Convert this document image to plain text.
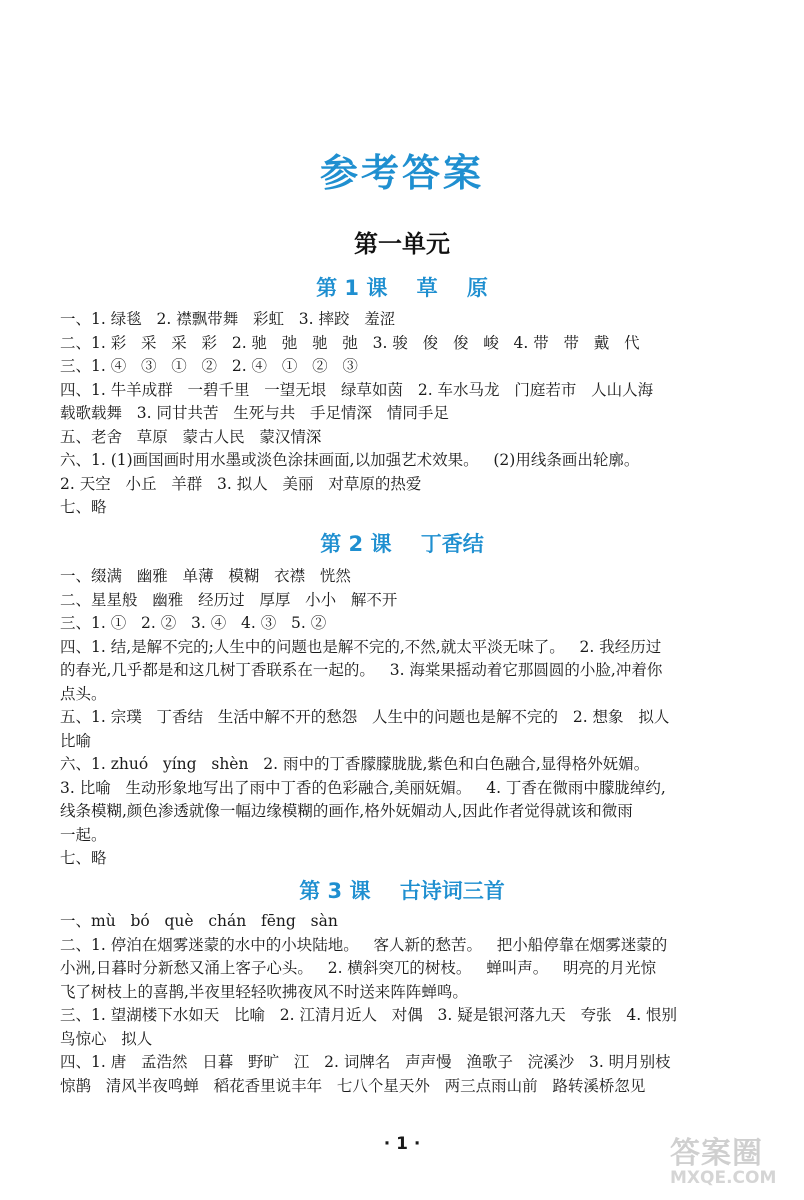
参考答案
第一单元
第 1 课    草    原
一、1. 绿毯   2. 襟飘带舞   彩虹   3. 摔跤   羞涩
二、1. 彩   采   采   彩   2. 驰   弛   驰   弛   3. 骏   俊   俊   峻   4. 带   带   戴   代
三、1. ④   ③   ①   ②   2. ④   ①   ②   ③
四、1. 牛羊成群   一碧千里   一望无垠   绿草如茵   2. 车水马龙   门庭若市   人山人海
载歌载舞   3. 同甘共苦   生死与共   手足情深   情同手足
五、老舍   草原   蒙古人民   蒙汉情深
六、1. (1)画国画时用水墨或淡色涂抹画面,以加强艺术效果。   (2)用线条画出轮廓。
2. 天空   小丘   羊群   3. 拟人   美丽   对草原的热爱
七、略
第 2 课    丁香结
一、缀满   幽雅   单薄   模糊   衣襟   恍然
二、星星般   幽雅   经历过   厚厚   小小   解不开
三、1. ①   2. ②   3. ④   4. ③   5. ②
四、1. 结,是解不完的;人生中的问题也是解不完的,不然,就太平淡无味了。   2. 我经历过
的春光,几乎都是和这几树丁香联系在一起的。   3. 海棠果摇动着它那圆圆的小脸,冲着你
点头。
五、1. 宗璞   丁香结   生活中解不开的愁怨   人生中的问题也是解不完的   2. 想象   拟人
比喻
六、1. zhuó   yíng   shèn   2. 雨中的丁香朦朦胧胧,紫色和白色融合,显得格外妩媚。
3. 比喻   生动形象地写出了雨中丁香的色彩融合,美丽妩媚。   4. 丁香在微雨中朦胧绰约,
线条模糊,颜色渗透就像一幅边缘模糊的画作,格外妩媚动人,因此作者觉得就该和微雨
一起。
七、略
第 3 课    古诗词三首
一、mù   bó   què   chán   fēng   sàn
二、1. 停泊在烟雾迷蒙的水中的小块陆地。   客人新的愁苦。   把小船停靠在烟雾迷蒙的
小洲,日暮时分新愁又涌上客子心头。   2. 横斜突兀的树枝。   蝉叫声。   明亮的月光惊
飞了树枝上的喜鹊,半夜里轻轻吹拂夜风不时送来阵阵蝉鸣。
三、1. 望湖楼下水如天   比喻   2. 江清月近人   对偶   3. 疑是银河落九天   夸张   4. 恨别
鸟惊心   拟人
四、1. 唐   孟浩然   日暮   野旷   江   2. 词牌名   声声慢   渔歌子   浣溪沙   3. 明月别枝
惊鹊   清风半夜鸣蝉   稻花香里说丰年   七八个星天外   两三点雨山前   路转溪桥忽见
· 1 ·	答案圈
MXQE.COM
